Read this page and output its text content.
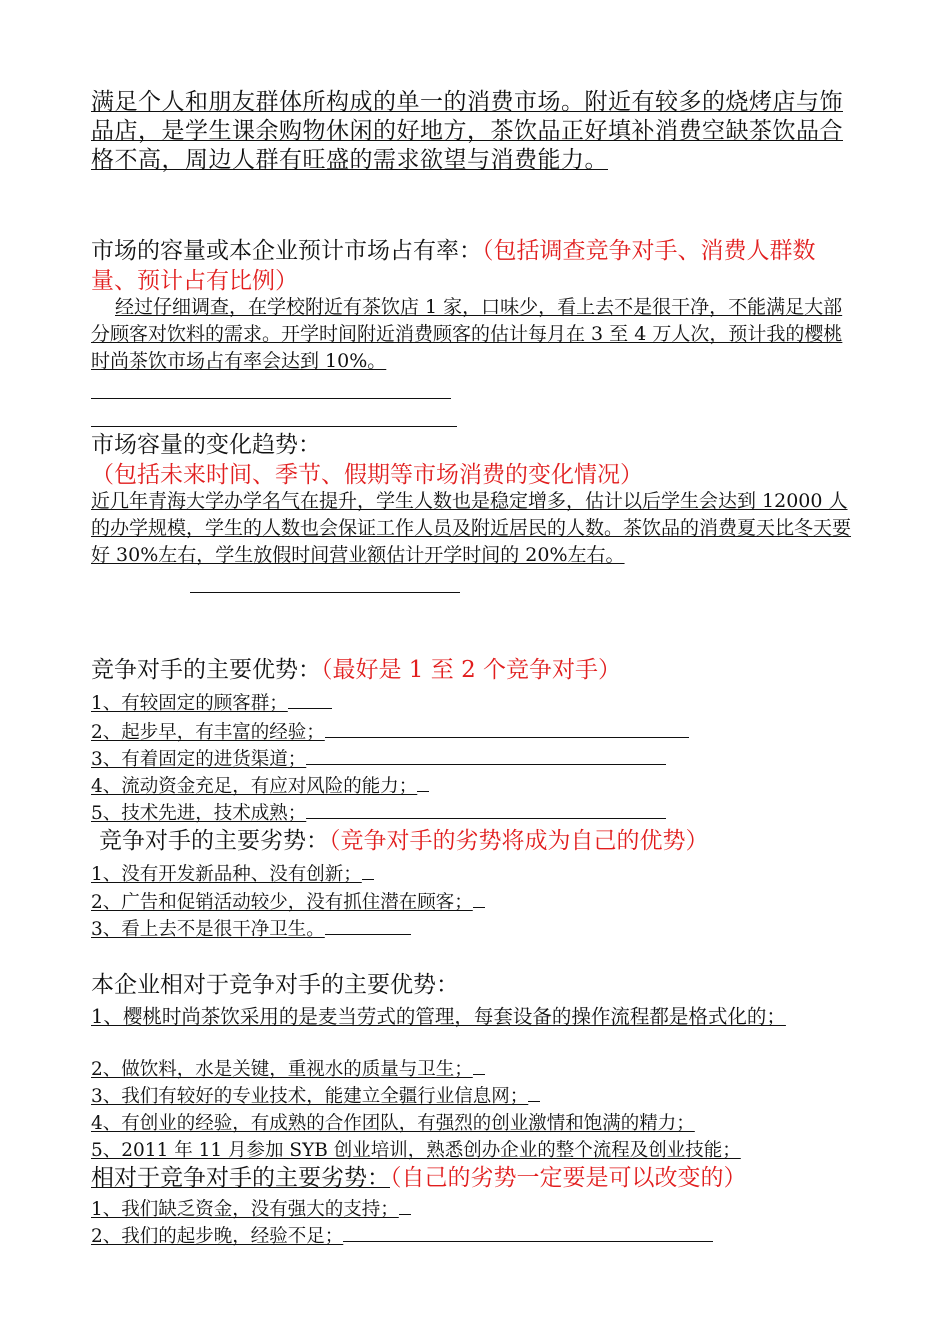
满足个人和朋友群体所构成的单一的消费市场。附近有较多的烧烤店与饰品店，是学生课余购物休闲的好地方，茶饮品正好填补消费空缺茶饮品合格不高，周边人群有旺盛的需求欲望与消费能力。
市场的容量或本企业预计市场占有率：（包括调查竞争对手、消费人群数量、预计占有比例）
经过仔细调查，在学校附近有茶饮店 1 家，口味少，看上去不是很干净，不能满足大部分顾客对饮料的需求。开学时间附近消费顾客的估计每月在 3 至 4 万人次，预计我的樱桃时尚茶饮市场占有率会达到 10%。
市场容量的变化趋势：（包括未来时间、季节、假期等市场消费的变化情况）
近几年青海大学办学名气在提升，学生人数也是稳定增多，估计以后学生会达到 12000 人的办学规模，学生的人数也会保证工作人员及附近居民的人数。茶饮品的消费夏天比冬天要好 30%左右，学生放假时间营业额估计开学时间的 20%左右。
竞争对手的主要优势：（最好是 1 至 2 个竞争对手）
1、有较固定的顾客群；
2、起步早，有丰富的经验；
3、有着固定的进货渠道；
4、流动资金充足，有应对风险的能力；
5、技术先进，技术成熟；
竞争对手的主要劣势：（竞争对手的劣势将成为自己的优势）
1、没有开发新品种、没有创新；
2、广告和促销活动较少，没有抓住潜在顾客；
3、看上去不是很干净卫生。
本企业相对于竞争对手的主要优势：
1、樱桃时尚茶饮采用的是麦当劳式的管理，每套设备的操作流程都是格式化的；
2、做饮料，水是关键，重视水的质量与卫生；
3、我们有较好的专业技术，能建立全疆行业信息网；
4、有创业的经验，有成熟的合作团队，有强烈的创业激情和饱满的精力；
5、2011 年 11 月参加 SYB 创业培训，熟悉创办企业的整个流程及创业技能；
相对于竞争对手的主要劣势：（自己的劣势一定要是可以改变的）
1、我们缺乏资金，没有强大的支持；
2、我们的起步晚，经验不足；
